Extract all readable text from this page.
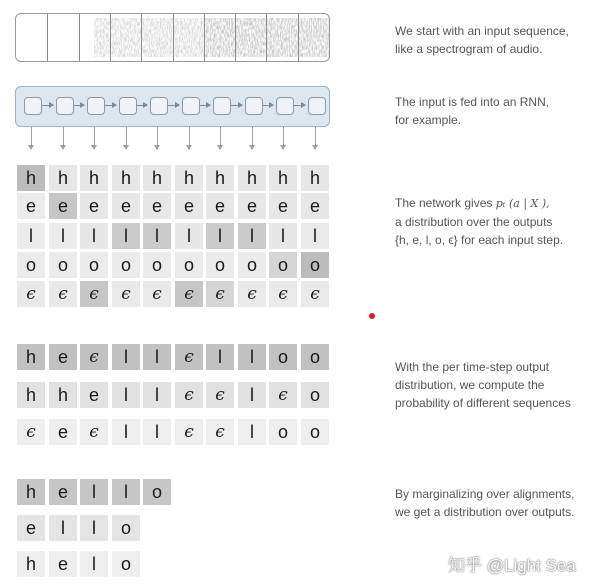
h	h	h	h	h	h	h	h	h	h
e	e	e	e	e	e	e	e	e	e
l	l	l	l	l	l	l	l	l	l
o	o	o	o	o	o	o	o	o	o
ϵ	ϵ	ϵ	ϵ	ϵ	ϵ	ϵ	ϵ	ϵ	ϵ
h	e	ϵ	l	l	ϵ	l	l	o	o
h	h	e	l	l	ϵ	ϵ	l	ϵ	o
ϵ	e	ϵ	l	l	ϵ	ϵ	l	o	o
h	e	l	l	o
e	l	l	o
h	e	l	o
We start with an input sequence,
like a spectrogram of audio.
The input is fed into an RNN,
for example.
The network gives pₜ (a | X ),
a distribution over the outputs
{h, e, l, o, ϵ} for each input step.
With the per time-step output
distribution, we compute the
probability of different sequences
By marginalizing over alignments,
we get a distribution over outputs.
知乎 @Light Sea
